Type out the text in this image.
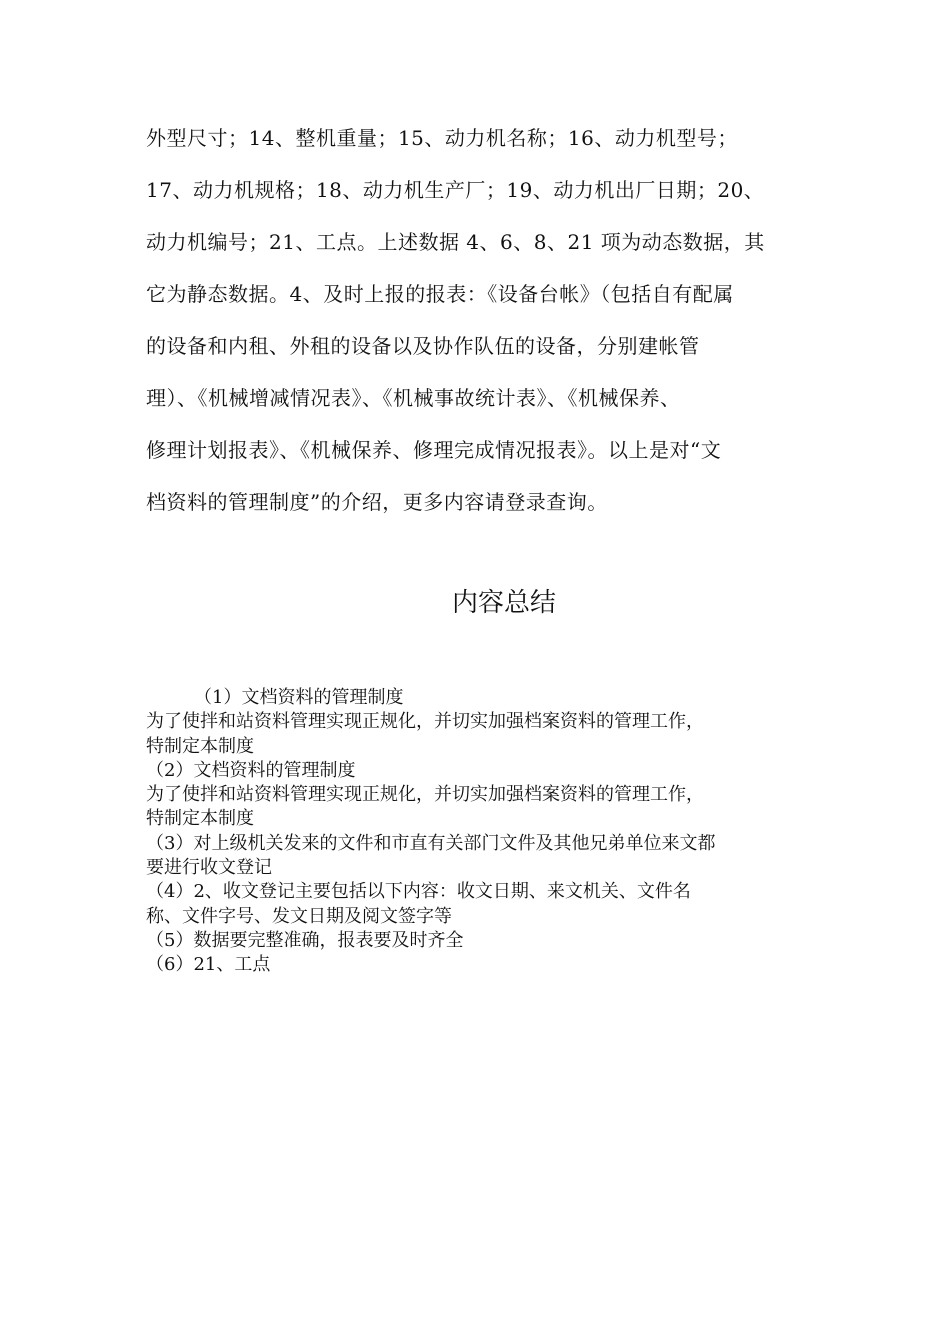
外型尺寸；14、整机重量；15、动力机名称；16、动力机型号；
17、动力机规格；18、动力机生产厂；19、动力机出厂日期；20、
动力机编号；21、工点。上述数据 4、6、8、21 项为动态数据，其
它为静态数据。4、及时上报的报表：《设备台帐》（包括自有配属
的设备和内租、外租的设备以及协作队伍的设备，分别建帐管
理）、《机械增减情况表》、《机械事故统计表》、《机械保养、
修理计划报表》、《机械保养、修理完成情况报表》。以上是对“文
档资料的管理制度”的介绍，更多内容请登录查询。
内容总结
（1）文档资料的管理制度
为了使拌和站资料管理实现正规化，并切实加强档案资料的管理工作，
特制定本制度
（2）文档资料的管理制度
为了使拌和站资料管理实现正规化，并切实加强档案资料的管理工作，
特制定本制度
（3）对上级机关发来的文件和市直有关部门文件及其他兄弟单位来文都
要进行收文登记
（4）2、收文登记主要包括以下内容：收文日期、来文机关、文件名
称、文件字号、发文日期及阅文签字等
（5）数据要完整准确，报表要及时齐全
（6）21、工点
